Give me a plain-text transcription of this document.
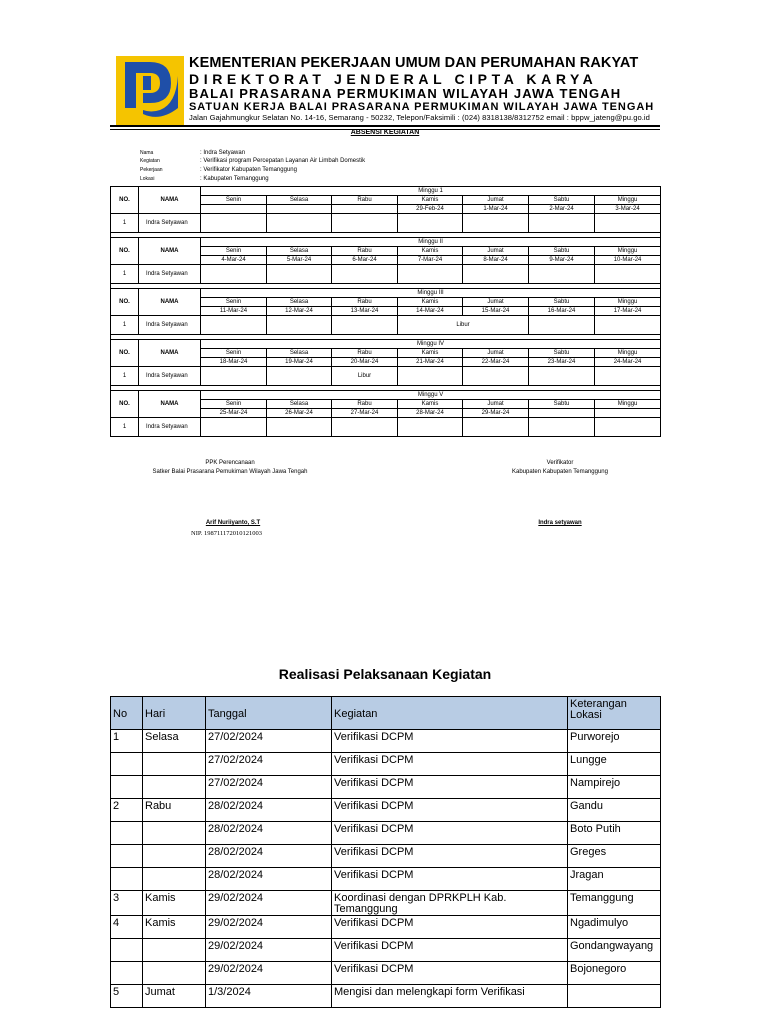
KEMENTERIAN PEKERJAAN UMUM DAN PERUMAHAN RAKYAT
DIREKTORAT JENDERAL CIPTA KARYA
BALAI PRASARANA PERMUKIMAN WILAYAH JAWA TENGAH
SATUAN KERJA BALAI PRASARANA PERMUKIMAN WILAYAH JAWA TENGAH
Jalan Gajahmungkur Selatan No. 14-16, Semarang - 50232, Telepon/Faksimili : (024) 8318138/8312752 email : bppw_jateng@pu.go.id
ABSENSI KEGIATAN
Nama	: Indra Setyawan
Kegiatan	: Verifikasi program Percepatan Layanan Air Limbah Domestik
Pekerjaan	: Verifikator Kabupaten Temanggung
Lokasi	: Kabupaten Temanggung
NO.	NAMA	Minggu 1						
		Senin	Selasa	Rabu	Kamis	Jumat	Sabtu	Minggu
					29-Feb-24	1-Mar-24	2-Mar-24	3-Mar-24
1	Indra Setyawan							

NO.	NAMA	Minggu II						
		Senin	Selasa	Rabu	Kamis	Jumat	Sabtu	Minggu
		4-Mar-24	5-Mar-24	6-Mar-24	7-Mar-24	8-Mar-24	9-Mar-24	10-Mar-24
1	Indra Setyawan							

NO.	NAMA	Minggu III						
		Senin	Selasa	Rabu	Kamis	Jumat	Sabtu	Minggu
		11-Mar-24	12-Mar-24	13-Mar-24	14-Mar-24	15-Mar-24	16-Mar-24	17-Mar-24
1	Indra Setyawan				Libur			

NO.	NAMA	Minggu IV						
		Senin	Selasa	Rabu	Kamis	Jumat	Sabtu	Minggu
		18-Mar-24	19-Mar-24	20-Mar-24	21-Mar-24	22-Mar-24	23-Mar-24	24-Mar-24
1	Indra Setyawan			Libur				

NO.	NAMA	Minggu V						
		Senin	Selasa	Rabu	Kamis	Jumat	Sabtu	Minggu
		25-Mar-24	26-Mar-24	27-Mar-24	28-Mar-24	29-Mar-24		
1	Indra Setyawan							
PPK Perencanaan
Satker Balai Prasarana Pemukiman Wilayah Jawa Tengah
Verifikator
Kabupaten Kabupaten Temanggung
Arif Nuriiyanto, S.T
NIP. 198711172010121003
Indra setyawan
Realisasi Pelaksanaan Kegiatan
No	Hari	Tanggal	Kegiatan	Keterangan Lokasi
1	Selasa	27/02/2024	Verifikasi DCPM	Purworejo
		27/02/2024	Verifikasi DCPM	Lungge
		27/02/2024	Verifikasi DCPM	Nampirejo
2	Rabu	28/02/2024	Verifikasi DCPM	Gandu
		28/02/2024	Verifikasi DCPM	Boto Putih
		28/02/2024	Verifikasi DCPM	Greges
		28/02/2024	Verifikasi DCPM	Jragan
3	Kamis	29/02/2024	Koordinasi dengan DPRKPLH Kab. Temanggung	Temanggung
4	Kamis	29/02/2024	Verifikasi DCPM	Ngadimulyo
		29/02/2024	Verifikasi DCPM	Gondangwayang
		29/02/2024	Verifikasi DCPM	Bojonegoro
5	Jumat	1/3/2024	Mengisi dan melengkapi form Verifikasi	
